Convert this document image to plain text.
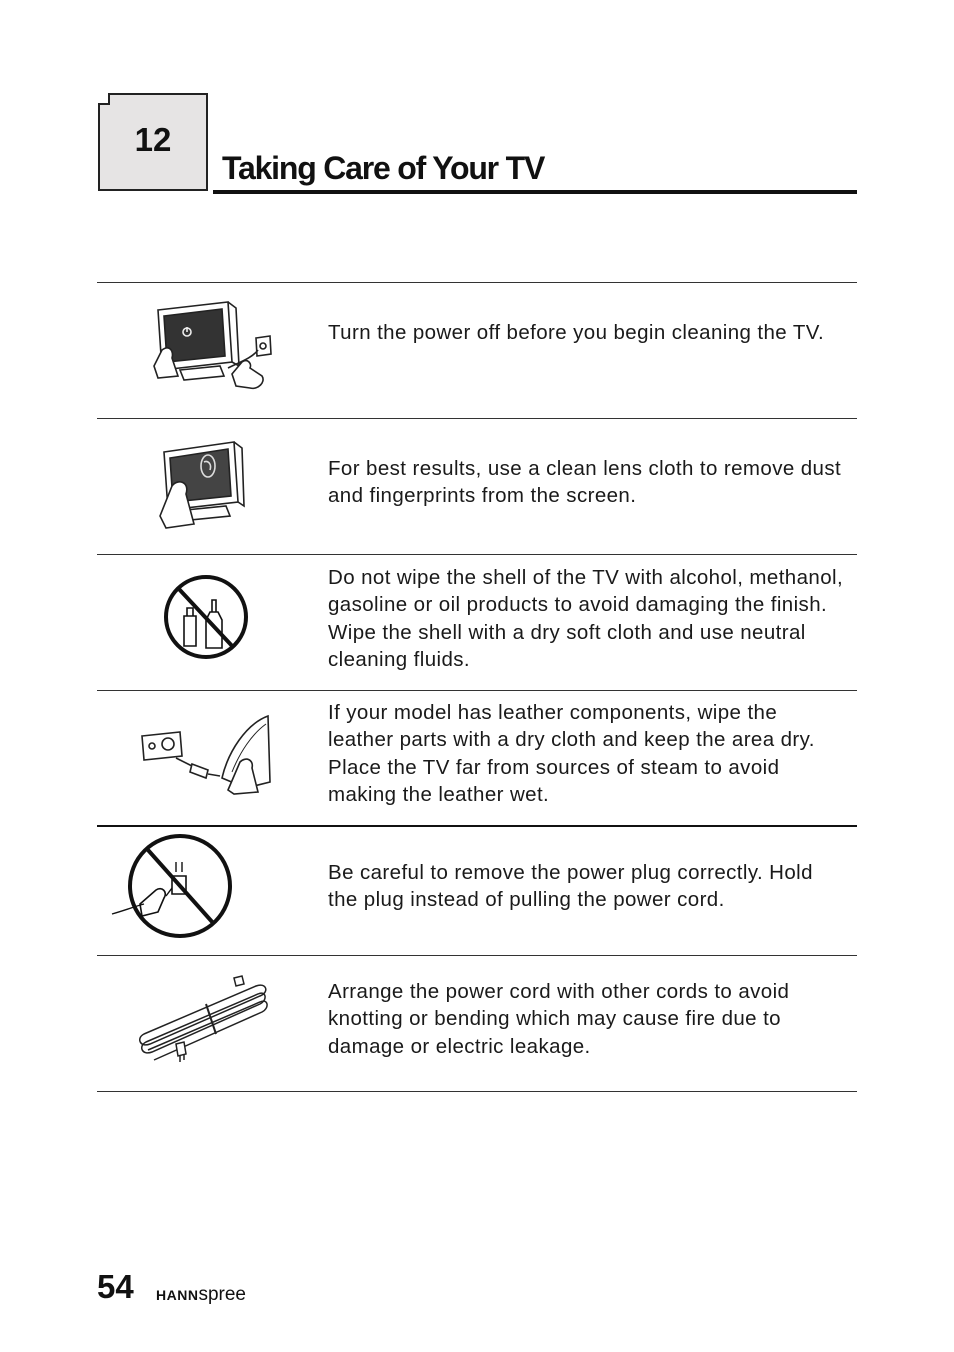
12
Taking Care of Your TV
Turn the power off before you begin cleaning the TV.
For best results, use a clean lens cloth to remove dust and fingerprints from the screen.
Do not wipe the shell of the TV with alcohol, methanol, gasoline or oil products to avoid damaging the finish. Wipe the shell with a dry soft cloth and use neutral cleaning fluids.
If your model has leather components, wipe the leather parts with a dry cloth and keep the area dry. Place the TV far from sources of steam to avoid making the leather wet.
Be careful to remove the power plug correctly. Hold the plug instead of pulling the power cord.
Arrange the power cord with other cords to avoid knotting or bending which may cause fire due to damage or electric leakage.
54 HANNspree
